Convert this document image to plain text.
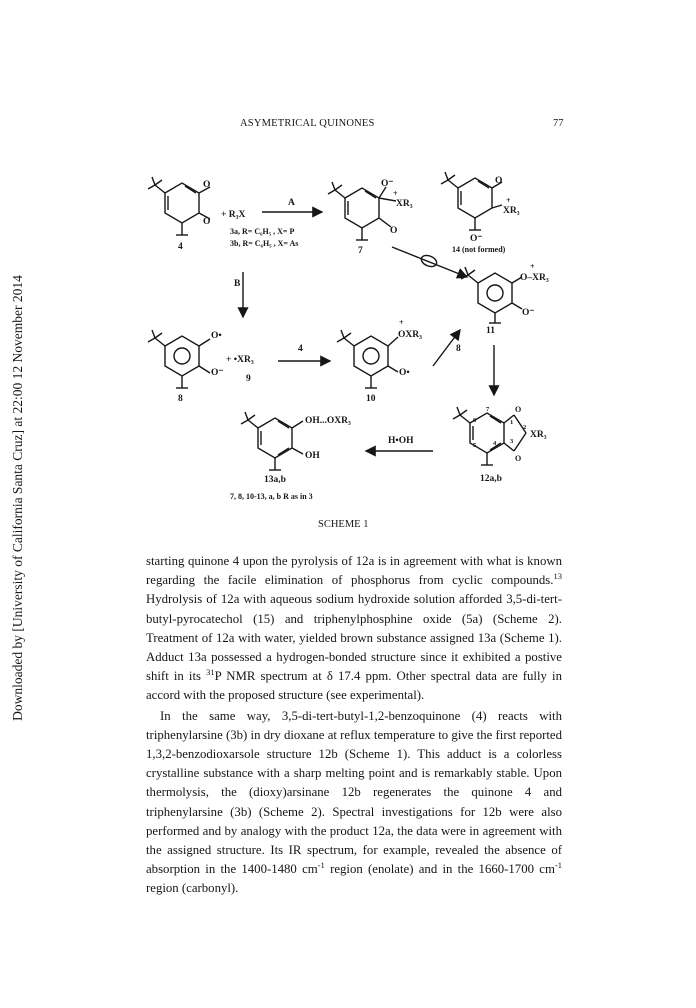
Downloaded by [University of California Santa Cruz] at 22:00 12 November 2014
ASYMETRICAL QUINONES	77
O
O
4
+ R₃X
A
3a, R= C₆H₅ , X= P
3b, R= C₆H₅ , X= As
O⁻
+
XR₃
O
7
O
+
XR₃
O⁻
14 (not formed)
B
+
O–XR₃
O⁻
11
O•
O⁻
8
+ •XR₃
9
4
+
OXR₃
O•
10
8
OH...OXR₃
OH
13a,b
7, 8, 10-13, a, b R as in 3
H•OH
O
O
XR₃
12a,b
7
6
5	4 3
2
1
SCHEME 1

starting quinone 4 upon the pyrolysis of 12a is in agreement with what is known regarding the facile elimination of phosphorus from cyclic compounds.$^{13}$ Hydrolysis of 12a with aqueous sodium hydroxide solution afforded 3,5-di-tert-butyl-pyrocatechol (15) and triphenylphosphine oxide (5a) (Scheme 2). Treatment of 12a with water, yielded brown substance assigned 13a (Scheme 1). Adduct 13a possessed a hydrogen-bonded structure since it exhibited a postive shift in its $^{31}$P NMR spectrum at δ 17.4 ppm. Other spectral data are fully in accord with the proposed structure (see experimental).

In the same way, 3,5-di-tert-butyl-1,2-benzoquinone (4) reacts with triphenylarsine (3b) in dry dioxane at reflux temperature to give the first reported 1,3,2-benzodioxarsole structure 12b (Scheme 1). This adduct is a colorless crystalline substance with a sharp melting point and is remarkably stable. Upon thermolysis, the (dioxy)arsinane 12b regenerates the quinone 4 and triphenylarsine (3b) (Scheme 2). Spectral investigations for 12b were also performed and by analogy with the product 12a, the data were in agreement with the assigned structure. Its IR spectrum, for example, revealed the absence of absorption in the 1400-1480 $cm^{-1}$ region (enolate) and in the 1660-1700 $cm^{-1}$ region (carbonyl).
